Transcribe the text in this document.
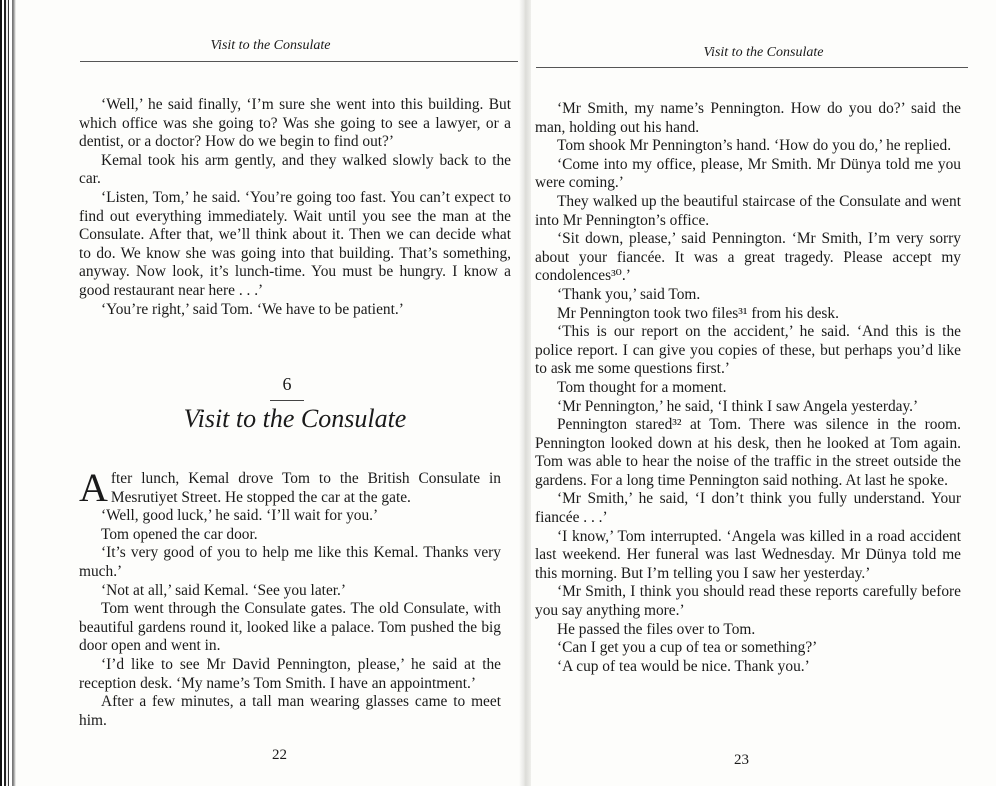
Visit to the Consulate

‘Well,’ he said finally, ‘I’m sure she went into this building. But which office was she going to? Was she going to see a lawyer, or a dentist, or a doctor? How do we begin to find out?’

Kemal took his arm gently, and they walked slowly back to the car.

‘Listen, Tom,’ he said. ‘You’re going too fast. You can’t expect to find out everything immediately. Wait until you see the man at the Consulate. After that, we’ll think about it. Then we can decide what to do. We know she was going into that building. That’s something, anyway. Now look, it’s lunch-time. You must be hungry. I know a good restaurant near here . . .’

‘You’re right,’ said Tom. ‘We have to be patient.’

6
Visit to the Consulate

After lunch, Kemal drove Tom to the British Consulate in Mesrutiyet Street. He stopped the car at the gate.

‘Well, good luck,’ he said. ‘I’ll wait for you.’

Tom opened the car door.

‘It’s very good of you to help me like this Kemal. Thanks very much.’

‘Not at all,’ said Kemal. ‘See you later.’

Tom went through the Consulate gates. The old Consulate, with beautiful gardens round it, looked like a palace. Tom pushed the big door open and went in.

‘I’d like to see Mr David Pennington, please,’ he said at the reception desk. ‘My name’s Tom Smith. I have an appointment.’

After a few minutes, a tall man wearing glasses came to meet him.

22
Visit to the Consulate

‘Mr Smith, my name’s Pennington. How do you do?’ said the man, holding out his hand.

Tom shook Mr Pennington’s hand. ‘How do you do,’ he replied.

‘Come into my office, please, Mr Smith. Mr Dünya told me you were coming.’

They walked up the beautiful staircase of the Consulate and went into Mr Pennington’s office.

‘Sit down, please,’ said Pennington. ‘Mr Smith, I’m very sorry about your fiancée. It was a great tragedy. Please accept my condolences³⁰.’

‘Thank you,’ said Tom.

Mr Pennington took two files³¹ from his desk.

‘This is our report on the accident,’ he said. ‘And this is the police report. I can give you copies of these, but perhaps you’d like to ask me some questions first.’

Tom thought for a moment.

‘Mr Pennington,’ he said, ‘I think I saw Angela yesterday.’

Pennington stared³² at Tom. There was silence in the room. Pennington looked down at his desk, then he looked at Tom again. Tom was able to hear the noise of the traffic in the street outside the gardens. For a long time Pennington said nothing. At last he spoke.

‘Mr Smith,’ he said, ‘I don’t think you fully understand. Your fiancée . . .’

‘I know,’ Tom interrupted. ‘Angela was killed in a road accident last weekend. Her funeral was last Wednesday. Mr Dünya told me this morning. But I’m telling you I saw her yesterday.’

‘Mr Smith, I think you should read these reports carefully before you say anything more.’

He passed the files over to Tom.

‘Can I get you a cup of tea or something?’

‘A cup of tea would be nice. Thank you.’

23
